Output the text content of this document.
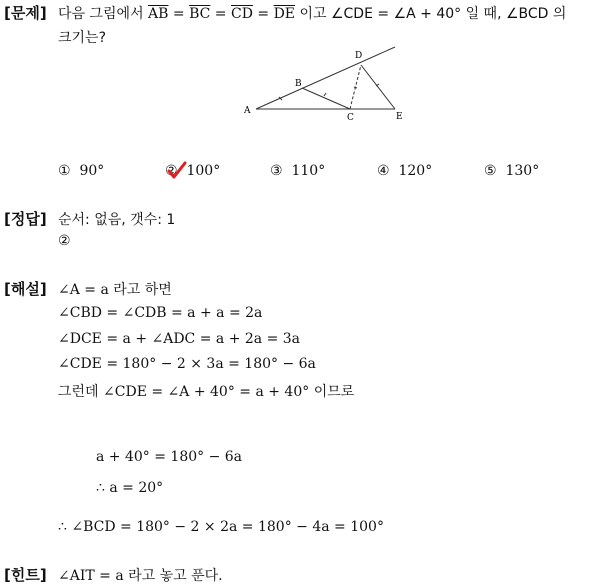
[문제] 다음 그림에서 $\overline{AB} = \overline{BC} = \overline{CD} = \overline{DE}$ 이고 ∠CDE = ∠A + 40° 일 때, ∠BCD 의
크기는?
A
B
C
D
E
① 90°	② 100°	③ 110°	④ 120°	⑤ 130°
[정답] 순서: 없음, 갯수: 1
②
[해설] ∠A = a 라고 하면
∠CBD = ∠CDB = a + a = 2a
∠DCE = a + ∠ADC = a + 2a = 3a
∠CDE = 180° − 2 × 3a = 180° − 6a
그런데 ∠CDE = ∠A + 40° = a + 40° 이므로
a + 40° = 180° − 6a
∴ a = 20°
∴ ∠BCD = 180° − 2 × 2a = 180° − 4a = 100°
[힌트] ∠AIT = a 라고 놓고 푼다.
